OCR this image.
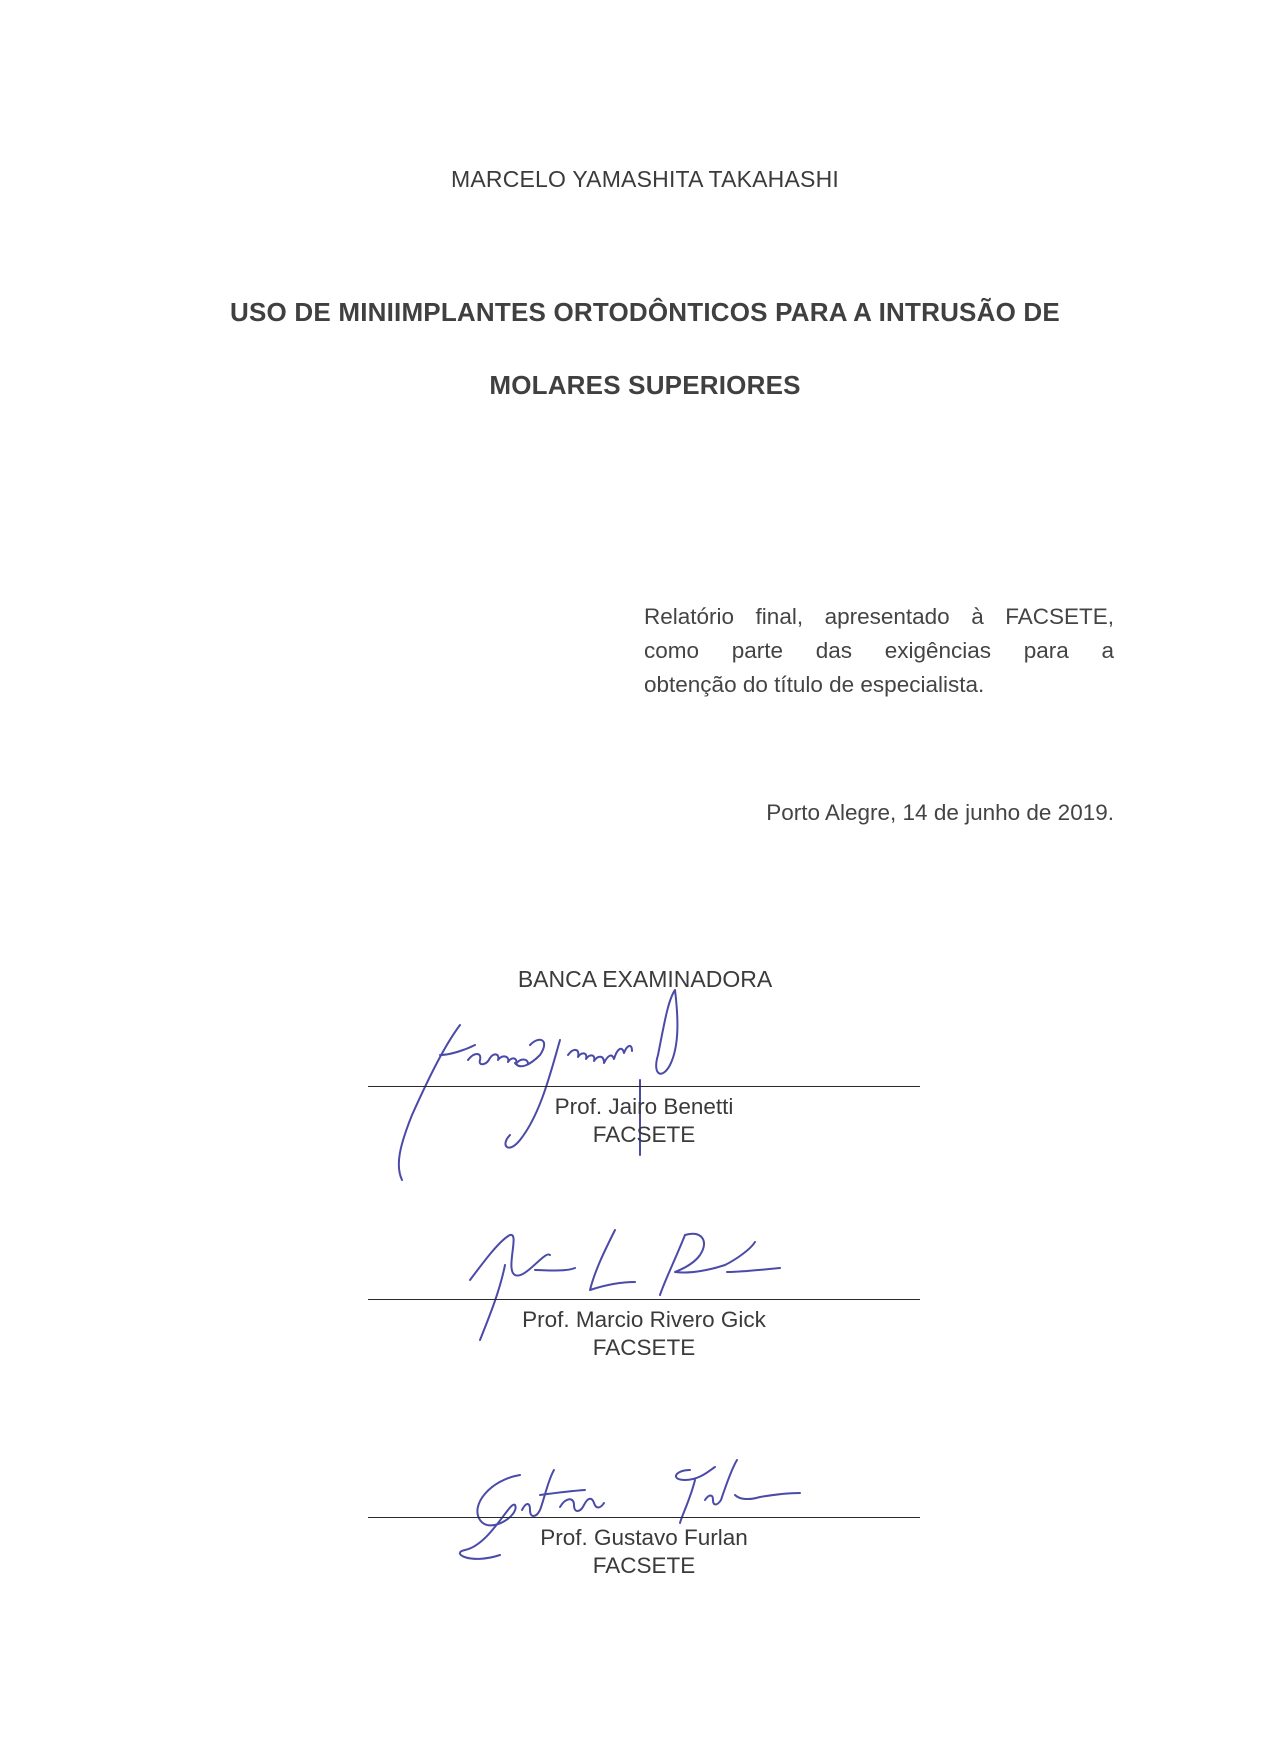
MARCELO YAMASHITA TAKAHASHI
USO DE MINIIMPLANTES ORTODÔNTICOS PARA A INTRUSÃO DE
MOLARES SUPERIORES
Relatório final, apresentado à FACSETE,
como parte das exigências para a
obtenção do título de especialista.
Porto Alegre, 14 de junho de 2019.
BANCA EXAMINADORA
Prof. Jairo Benetti
FACSETE
Prof. Marcio Rivero Gick
FACSETE
Prof. Gustavo Furlan
FACSETE
